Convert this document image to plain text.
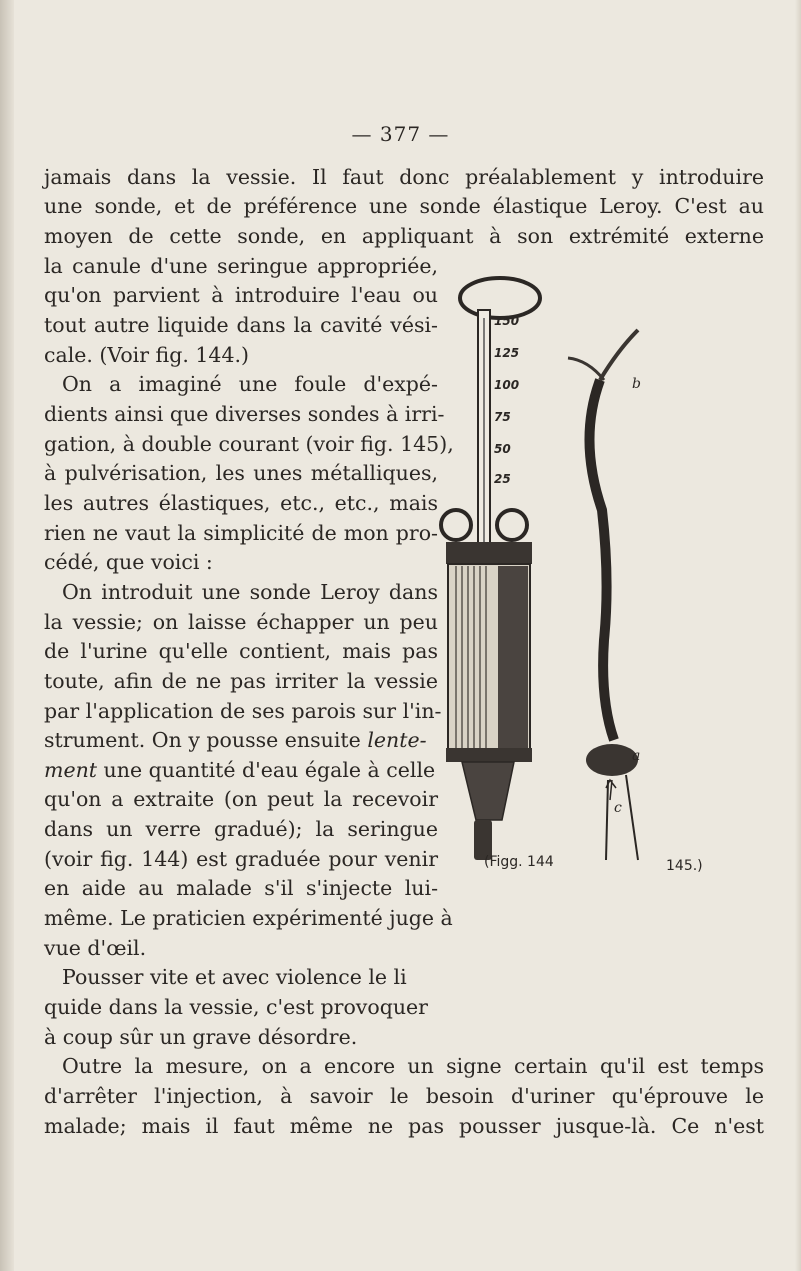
— 377 —
jamais dans la vessie. Il faut donc préalablement y introduire
une sonde, et de préférence une sonde élastique Leroy. C'est au
moyen de cette sonde, en appliquant à son extrémité externe
la canule d'une seringue appropriée,
qu'on parvient à introduire l'eau ou
tout autre liquide dans la cavité vési-
cale. (Voir fig. 144.)
On a imaginé une foule d'expé-
dients ainsi que diverses sondes à irri-
gation, à double courant (voir fig. 145),
à pulvérisation, les unes métalliques,
les autres élastiques, etc., etc., mais
rien ne vaut la simplicité de mon pro-
cédé, que voici :
On introduit une sonde Leroy dans
la vessie; on laisse échapper un peu
de l'urine qu'elle contient, mais pas
toute, afin de ne pas irriter la vessie
par l'application de ses parois sur l'in-
strument. On y pousse ensuite lente-
ment une quantité d'eau égale à celle
qu'on a extraite (on peut la recevoir
dans un verre gradué); la seringue
(voir fig. 144) est graduée pour venir
en aide au malade s'il s'injecte lui-
même. Le praticien expérimenté juge à
vue d'œil.
Pousser vite et avec violence le li
quide dans la vessie, c'est provoquer
à coup sûr un grave désordre.
Outre la mesure, on a encore un signe certain qu'il est temps
d'arrêter l'injection, à savoir le besoin d'uriner qu'éprouve le
malade; mais il faut même ne pas pousser jusque-là. Ce n'est
150
125
100
75
50
25
b
a
c
(Figg. 144	145.)
